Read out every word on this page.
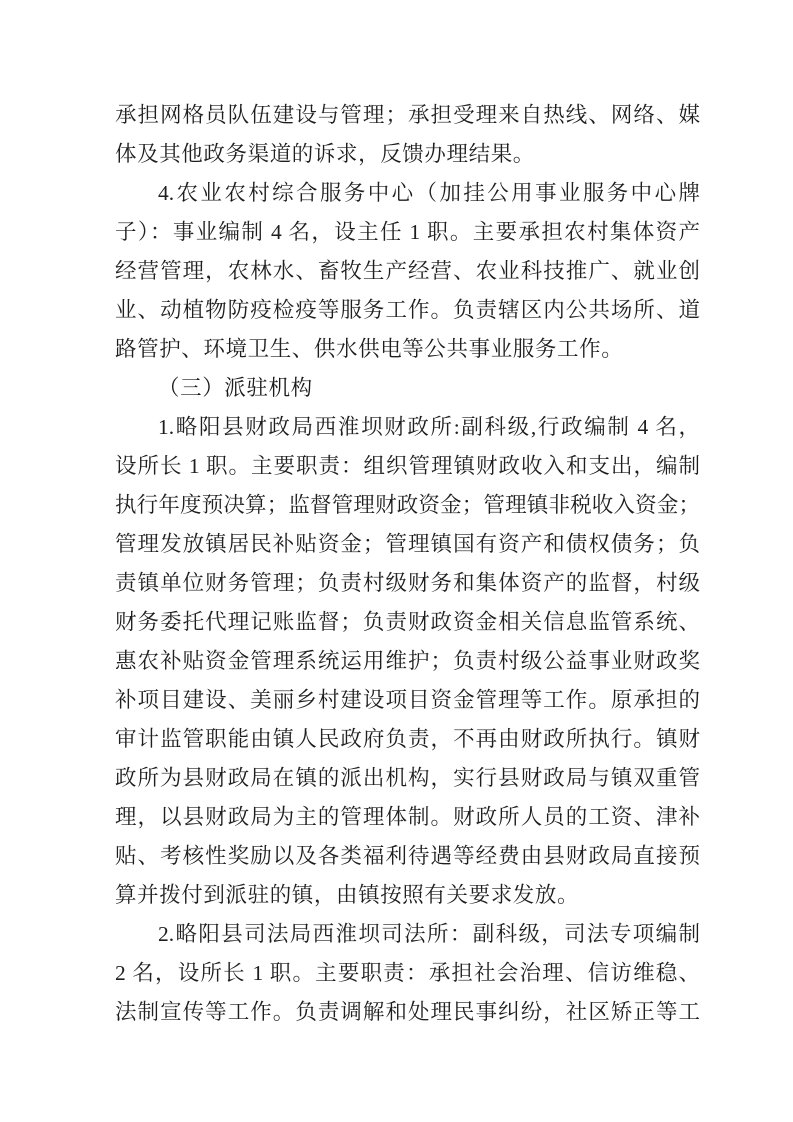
承担网格员队伍建设与管理；承担受理来自热线、网络、媒
体及其他政务渠道的诉求，反馈办理结果。
4.农业农村综合服务中心（加挂公用事业服务中心牌
子）：事业编制 4 名，设主任 1 职。主要承担农村集体资产
经营管理，农林水、畜牧生产经营、农业科技推广、就业创
业、动植物防疫检疫等服务工作。负责辖区内公共场所、道
路管护、环境卫生、供水供电等公共事业服务工作。
（三）派驻机构
1.略阳县财政局西淮坝财政所:副科级,行政编制 4 名，
设所长 1 职。主要职责：组织管理镇财政收入和支出，编制
执行年度预决算；监督管理财政资金；管理镇非税收入资金；
管理发放镇居民补贴资金；管理镇国有资产和债权债务；负
责镇单位财务管理；负责村级财务和集体资产的监督，村级
财务委托代理记账监督；负责财政资金相关信息监管系统、
惠农补贴资金管理系统运用维护；负责村级公益事业财政奖
补项目建设、美丽乡村建设项目资金管理等工作。原承担的
审计监管职能由镇人民政府负责，不再由财政所执行。镇财
政所为县财政局在镇的派出机构，实行县财政局与镇双重管
理，以县财政局为主的管理体制。财政所人员的工资、津补
贴、考核性奖励以及各类福利待遇等经费由县财政局直接预
算并拨付到派驻的镇，由镇按照有关要求发放。
2.略阳县司法局西淮坝司法所：副科级，司法专项编制
2 名，设所长 1 职。主要职责：承担社会治理、信访维稳、
法制宣传等工作。负责调解和处理民事纠纷，社区矫正等工
